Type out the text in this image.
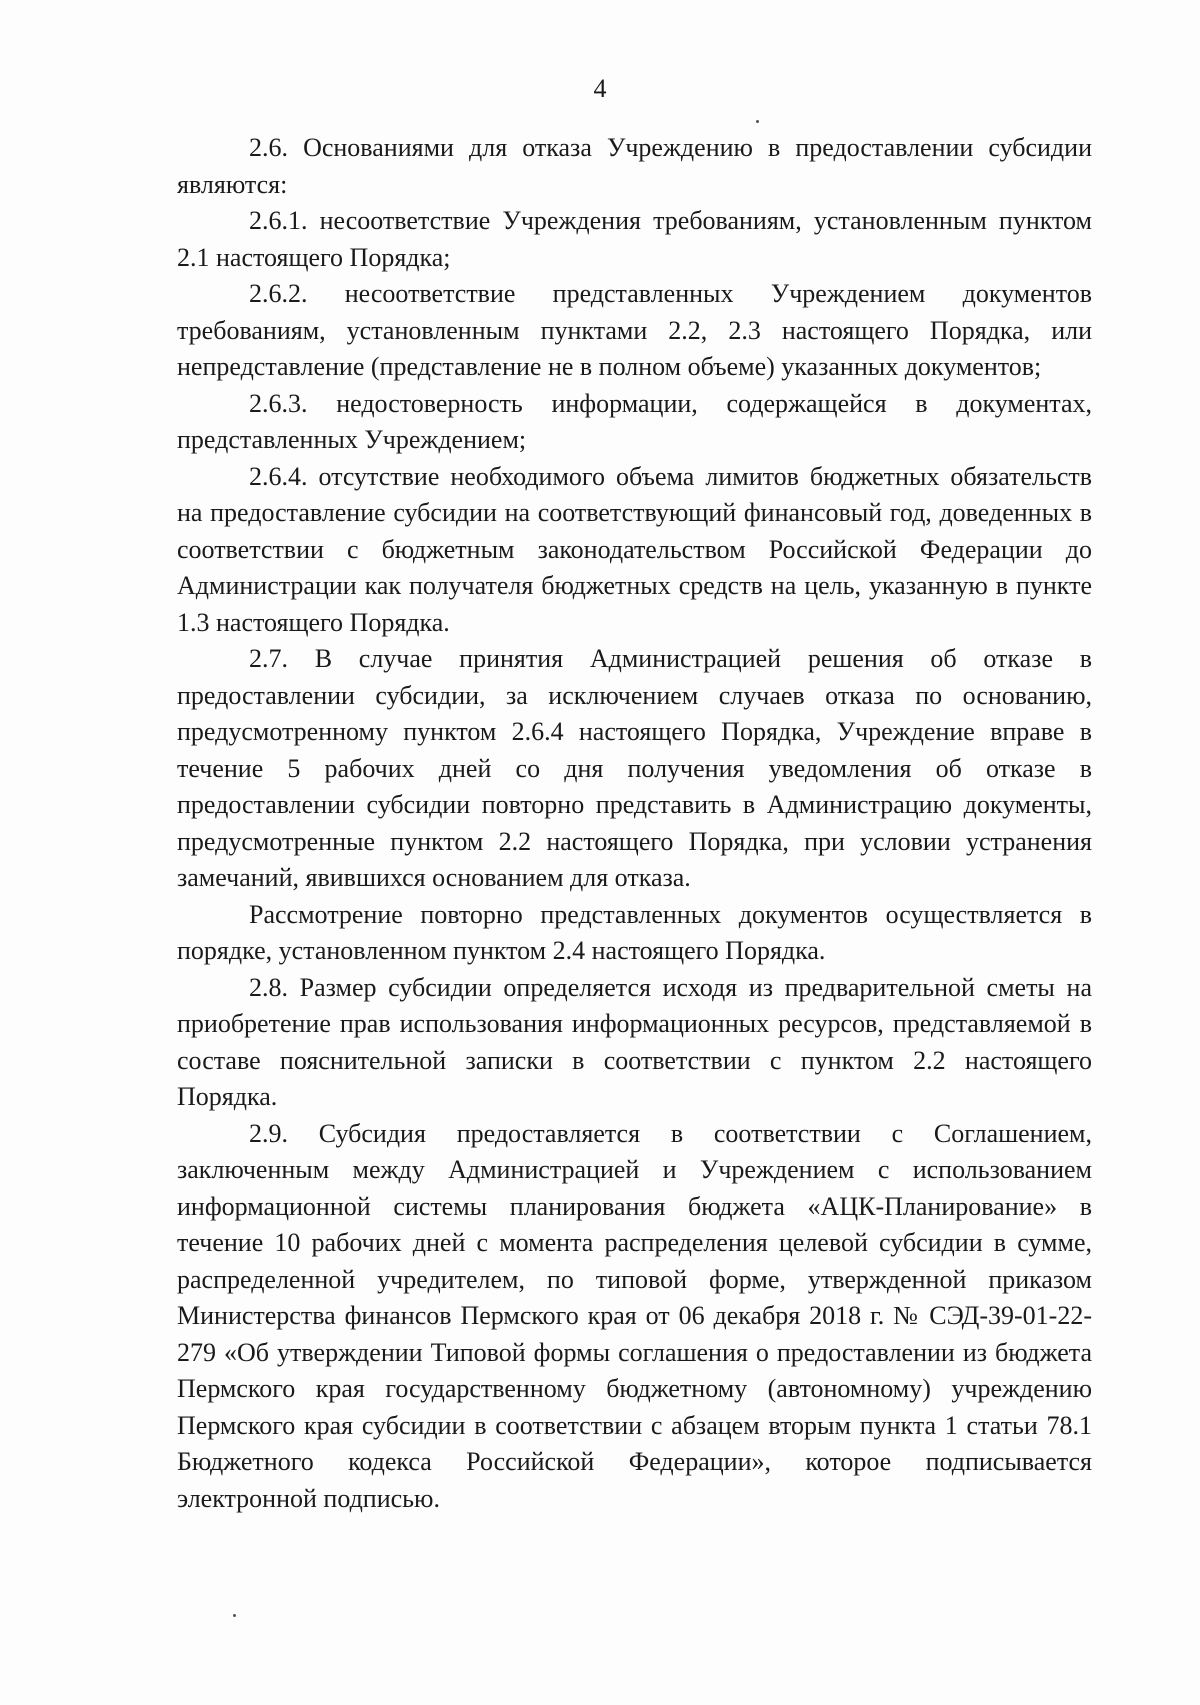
4

2.6. Основаниями для отказа Учреждению в предоставлении субсидии являются:

2.6.1. несоответствие Учреждения требованиям, установленным пунктом 2.1 настоящего Порядка;

2.6.2. несоответствие представленных Учреждением документов требованиям, установленным пунктами 2.2, 2.3 настоящего Порядка, или непредставление (представление не в полном объеме) указанных документов;

2.6.3. недостоверность информации, содержащейся в документах, представленных Учреждением;

2.6.4. отсутствие необходимого объема лимитов бюджетных обязательств на предоставление субсидии на соответствующий финансовый год, доведенных в соответствии с бюджетным законодательством Российской Федерации до Администрации как получателя бюджетных средств на цель, указанную в пункте 1.3 настоящего Порядка.

2.7. В случае принятия Администрацией решения об отказе в предоставлении субсидии, за исключением случаев отказа по основанию, предусмотренному пунктом 2.6.4 настоящего Порядка, Учреждение вправе в течение 5 рабочих дней со дня получения уведомления об отказе в предоставлении субсидии повторно представить в Администрацию документы, предусмотренные пунктом 2.2 настоящего Порядка, при условии устранения замечаний, явившихся основанием для отказа.

Рассмотрение повторно представленных документов осуществляется в порядке, установленном пунктом 2.4 настоящего Порядка.

2.8. Размер субсидии определяется исходя из предварительной сметы на приобретение прав использования информационных ресурсов, представляемой в составе пояснительной записки в соответствии с пунктом 2.2 настоящего Порядка.

2.9. Субсидия предоставляется в соответствии с Соглашением, заключенным между Администрацией и Учреждением с использованием информационной системы планирования бюджета «АЦК-Планирование» в течение 10 рабочих дней с момента распределения целевой субсидии в сумме, распределенной учредителем, по типовой форме, утвержденной приказом Министерства финансов Пермского края от 06 декабря 2018 г. № СЭД-39-01-22-279 «Об утверждении Типовой формы соглашения о предоставлении из бюджета Пермского края государственному бюджетному (автономному) учреждению Пермского края субсидии в соответствии с абзацем вторым пункта 1 статьи 78.1 Бюджетного кодекса Российской Федерации», которое подписывается электронной подписью.
